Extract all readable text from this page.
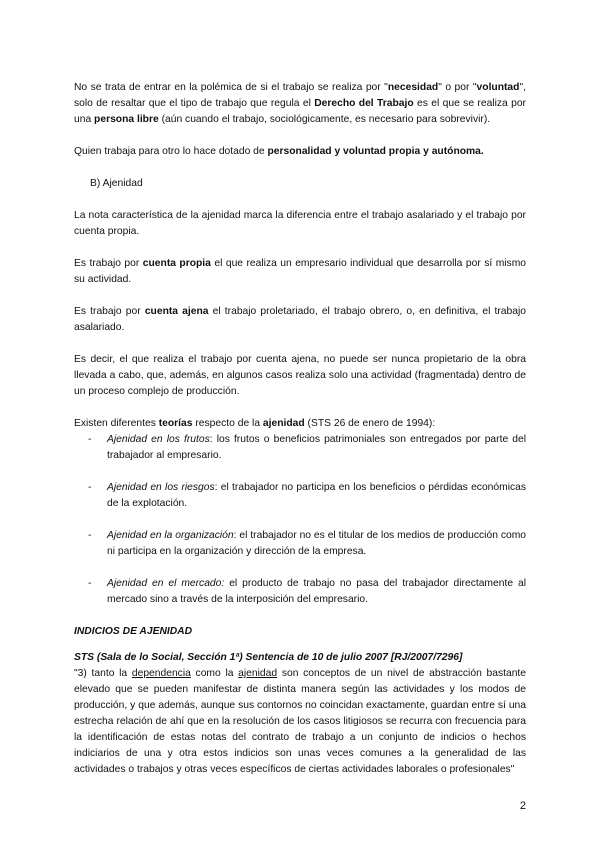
No se trata de entrar en la polémica de si el trabajo se realiza por "necesidad" o por "voluntad", solo de resaltar que el tipo de trabajo que regula el Derecho del Trabajo es el que se realiza por una persona libre (aún cuando el trabajo, sociológicamente, es necesario para sobrevivir).

Quien trabaja para otro lo hace dotado de personalidad y voluntad propia y autónoma.

B) Ajenidad

La nota característica de la ajenidad marca la diferencia entre el trabajo asalariado y el trabajo por cuenta propia.

Es trabajo por cuenta propia el que realiza un empresario individual que desarrolla por sí mismo su actividad.

Es trabajo por cuenta ajena el trabajo proletariado, el trabajo obrero, o, en definitiva, el trabajo asalariado.

Es decir, el que realiza el trabajo por cuenta ajena, no puede ser nunca propietario de la obra llevada a cabo, que, además, en algunos casos realiza solo una actividad (fragmentada) dentro de un proceso complejo de producción.

Existen diferentes teorías respecto de la ajenidad (STS 26 de enero de 1994):

- Ajenidad en los frutos: los frutos o beneficios patrimoniales son entregados por parte del trabajador al empresario.
- Ajenidad en los riesgos: el trabajador no participa en los beneficios o pérdidas económicas de la explotación.
- Ajenidad en la organización: el trabajador no es el titular de los medios de producción como ni participa en la organización y dirección de la empresa.
- Ajenidad en el mercado: el producto de trabajo no pasa del trabajador directamente al mercado sino a través de la interposición del empresario.

INDICIOS DE AJENIDAD

STS (Sala de lo Social, Sección 1ª) Sentencia de 10 de julio 2007 [RJ/2007/7296]

"3) tanto la dependencia como la ajenidad son conceptos de un nivel de abstracción bastante elevado que se pueden manifestar de distinta manera según las actividades y los modos de producción, y que además, aunque sus contornos no coincidan exactamente, guardan entre sí una estrecha relación de ahí que en la resolución de los casos litigiosos se recurra con frecuencia para la identificación de estas notas del contrato de trabajo a un conjunto de indicios o hechos indiciarios de una y otra estos indicios son unas veces comunes a la generalidad de las actividades o trabajos y otras veces específicos de ciertas actividades laborales o profesionales"

2
